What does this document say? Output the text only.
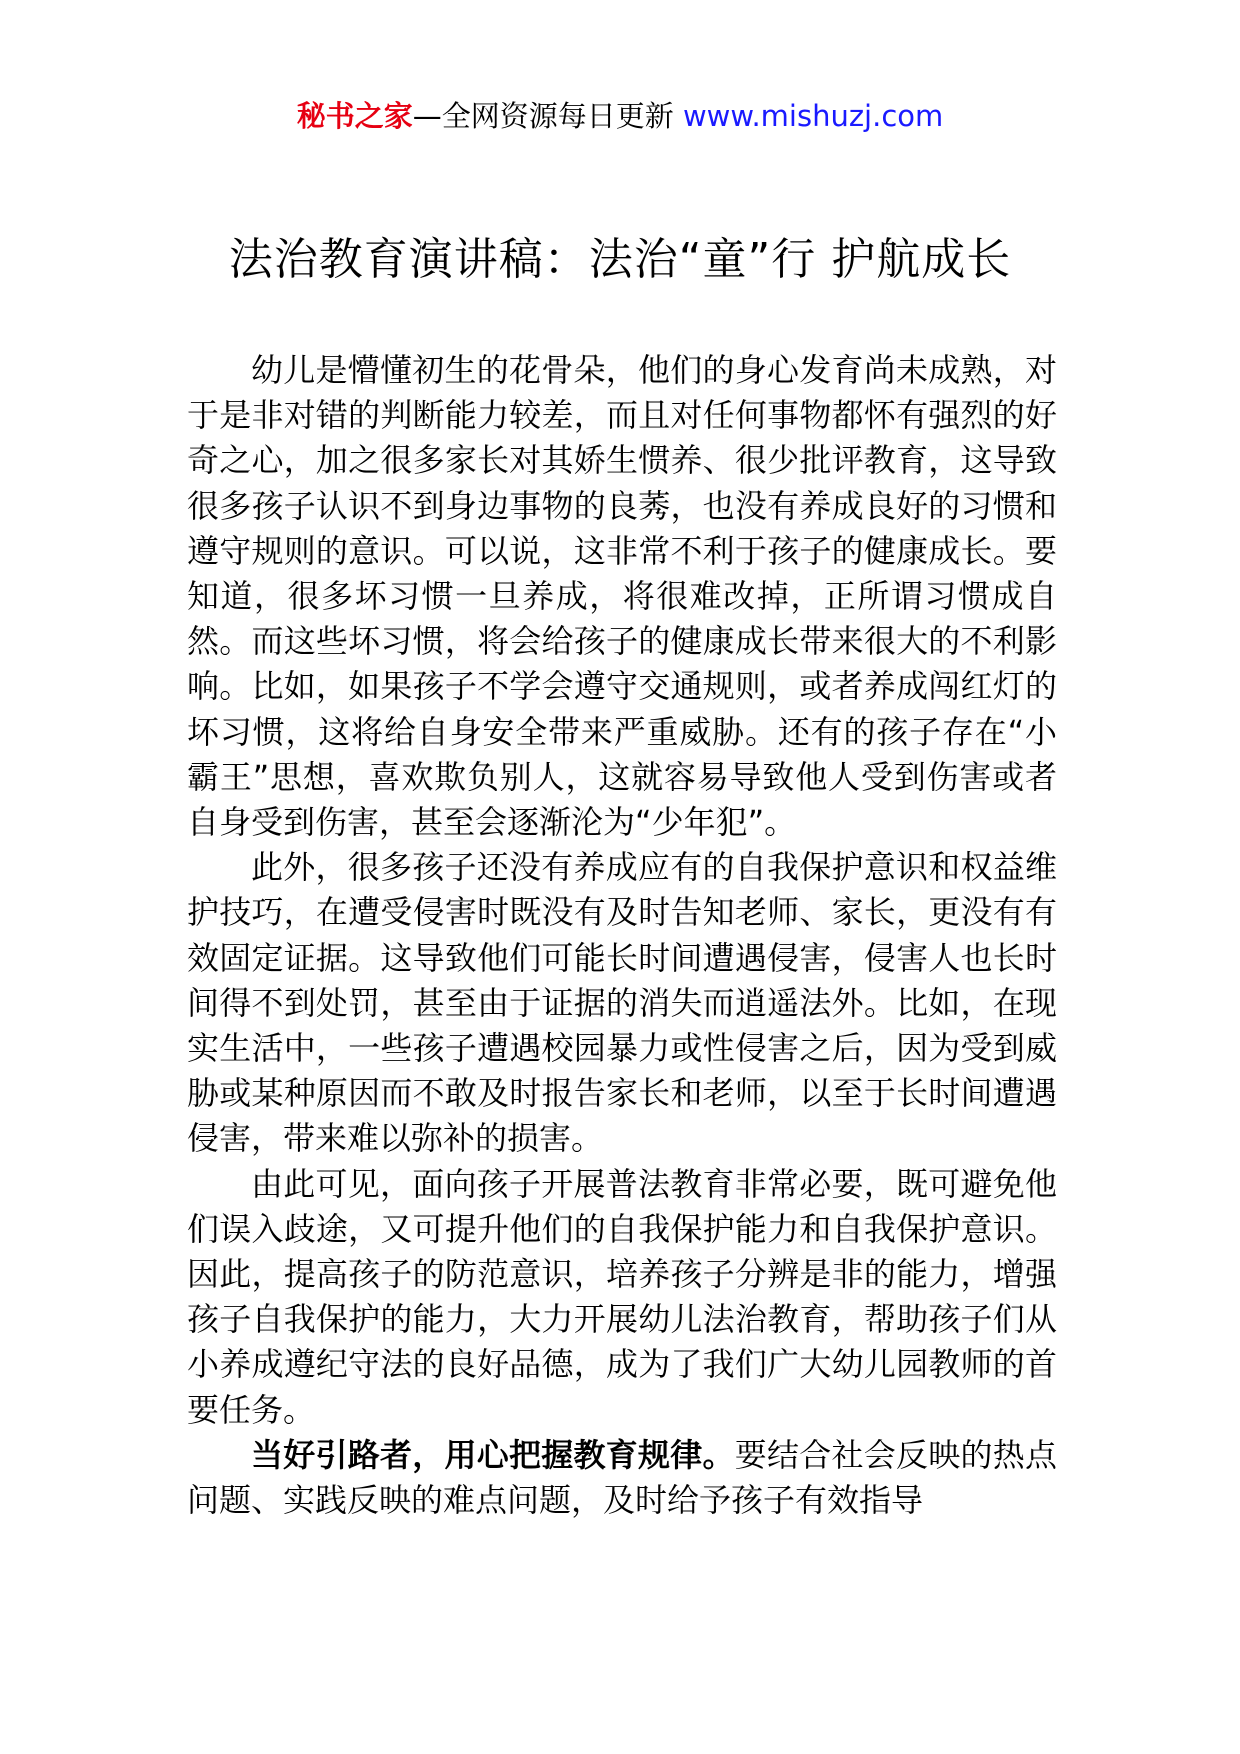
秘书之家—全网资源每日更新 www.mishuzj.com
法治教育演讲稿：法治“童”行 护航成长

幼儿是懵懂初生的花骨朵，他们的身心发育尚未成熟，对于是非对错的判断能力较差，而且对任何事物都怀有强烈的好奇之心，加之很多家长对其娇生惯养、很少批评教育，这导致很多孩子认识不到身边事物的良莠，也没有养成良好的习惯和遵守规则的意识。可以说，这非常不利于孩子的健康成长。要知道，很多坏习惯一旦养成，将很难改掉，正所谓习惯成自然。而这些坏习惯，将会给孩子的健康成长带来很大的不利影响。比如，如果孩子不学会遵守交通规则，或者养成闯红灯的坏习惯，这将给自身安全带来严重威胁。还有的孩子存在“小霸王”思想，喜欢欺负别人，这就容易导致他人受到伤害或者自身受到伤害，甚至会逐渐沦为“少年犯”。

此外，很多孩子还没有养成应有的自我保护意识和权益维护技巧，在遭受侵害时既没有及时告知老师、家长，更没有有效固定证据。这导致他们可能长时间遭遇侵害，侵害人也长时间得不到处罚，甚至由于证据的消失而逍遥法外。比如，在现实生活中，一些孩子遭遇校园暴力或性侵害之后，因为受到威胁或某种原因而不敢及时报告家长和老师，以至于长时间遭遇侵害，带来难以弥补的损害。

由此可见，面向孩子开展普法教育非常必要，既可避免他们误入歧途，又可提升他们的自我保护能力和自我保护意识。因此，提高孩子的防范意识，培养孩子分辨是非的能力，增强孩子自我保护的能力，大力开展幼儿法治教育，帮助孩子们从小养成遵纪守法的良好品德，成为了我们广大幼儿园教师的首要任务。

当好引路者，用心把握教育规律。要结合社会反映的热点问题、实践反映的难点问题，及时给予孩子有效指导
